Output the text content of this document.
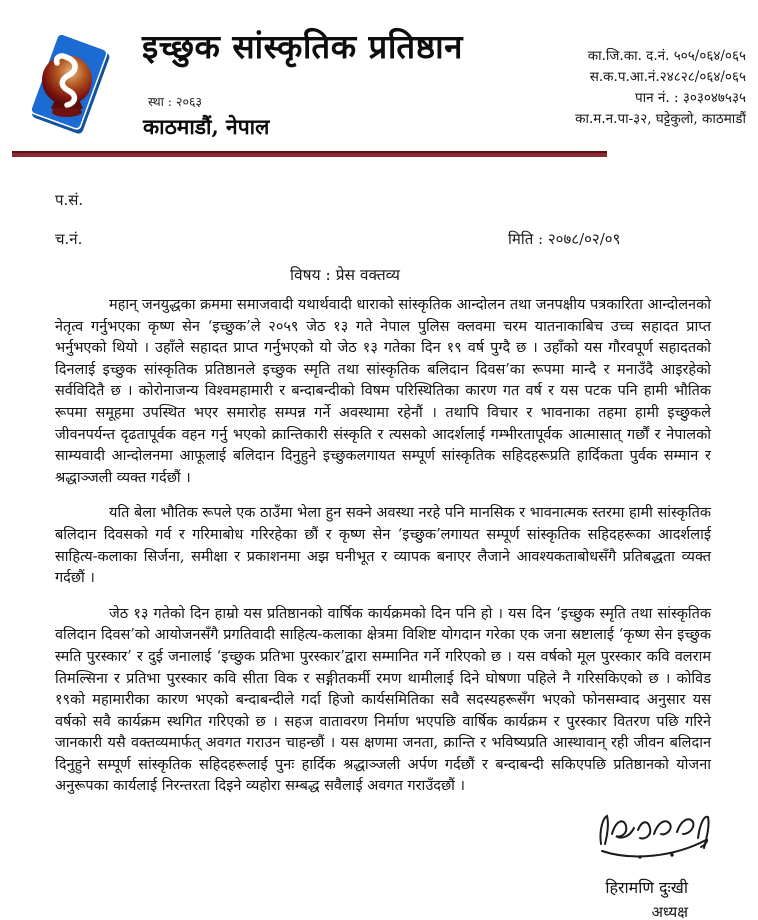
इच्छुक सांस्कृतिक प्रतिष्ठान
स्था : २०६३
काठमाडौं, नेपाल
का.जि.का. द.नं. ५०५/०६४/०६५
स.क.प.आ.नं.२४८२८/०६४/०६५
पान नं. : ३०३०४७५३५
का.म.न.पा-३२, घट्टेकुलो, काठमाडौं
प.सं.
च.नं.	मिति : २०७८/०२/०९
विषय : प्रेस वक्तव्य

महान् जनयुद्धका क्रममा समाजवादी यथार्थवादी धाराको सांस्कृतिक आन्दोलन तथा जनपक्षीय पत्रकारिता आन्दोलनको नेतृत्व गर्नुभएका कृष्ण सेन ‘इच्छुक’ले २०५९ जेठ १३ गते नेपाल पुलिस क्लवमा चरम यातनाकाबिच उच्च सहादत प्राप्त भर्नुभएको थियो । उहाँले सहादत प्राप्त गर्नुभएको यो जेठ १३ गतेका दिन १९ वर्ष पुग्दै छ । उहाँको यस गौरवपूर्ण सहादतको दिनलाई इच्छुक सांस्कृतिक प्रतिष्ठानले इच्छुक स्मृति तथा सांस्कृतिक बलिदान दिवस’का रूपमा मान्दै र मनाउँदै आइरहेको सर्वविदितै छ । कोरोनाजन्य विश्वमहामारी र बन्दाबन्दीको विषम परिस्थितिका कारण गत वर्ष र यस पटक पनि हामी भौतिक रूपमा समूहमा उपस्थित भएर समारोह सम्पन्न गर्ने अवस्थामा रहेनौं । तथापि विचार र भावनाका तहमा हामी इच्छुकले जीवनपर्यन्त दृढतापूर्वक वहन गर्नु भएको क्रान्तिकारी संस्कृति र त्यसको आदर्शलाई गम्भीरतापूर्वक आत्मासात् गर्छौं र नेपालको साम्यवादी आन्दोलनमा आफूलाई बलिदान दिनुहुने इच्छुकलगायत सम्पूर्ण सांस्कृतिक सहिदहरूप्रति हार्दिकता पुर्वक सम्मान र श्रद्धाञ्जली व्यक्त गर्दछौं ।

यति बेला भौतिक रूपले एक ठाउँमा भेला हुन सक्ने अवस्था नरहे पनि मानसिक र भावनात्मक स्तरमा हामी सांस्कृतिक बलिदान दिवसको गर्व र गरिमाबोध गरिरहेका छौं र कृष्ण सेन ‘इच्छुक’लगायत सम्पूर्ण सांस्कृतिक सहिदहरूका आदर्शलाई साहित्य-कलाका सिर्जना, समीक्षा र प्रकाशनमा अझ घनीभूत र व्यापक बनाएर लैजाने आवश्यकताबोधसँगै प्रतिबद्धता व्यक्त गर्दछौं ।

जेठ १३ गतेको दिन हाम्रो यस प्रतिष्ठानको वार्षिक कार्यक्रमको दिन पनि हो । यस दिन ‘इच्छुक स्मृति तथा सांस्कृतिक वलिदान दिवस’को आयोजनसँगै प्रगतिवादी साहित्य-कलाका क्षेत्रमा विशिष्ट योगदान गरेका एक जना स्रष्टालाई ‘कृष्ण सेन इच्छुक स्मति पुरस्कार’ र दुई जनालाई ‘इच्छुक प्रतिभा पुरस्कार’द्वारा सम्मानित गर्ने गरिएको छ । यस वर्षको मूल पुरस्कार कवि वलराम तिमल्सिना र प्रतिभा पुरस्कार कवि सीता विक र सङ्गीतकर्मी रमण थामीलाई दिने घोषणा पहिले नै गरिसकिएको छ । कोविड १९को महामारीका कारण भएको बन्दाबन्दीले गर्दा हिजो कार्यसमितिका सवै सदस्यहरूसँग भएको फोनसम्वाद अनुसार यस वर्षको सवै कार्यक्रम स्थगित गरिएको छ । सहज वातावरण निर्माण भएपछि वार्षिक कार्यक्रम र पुरस्कार वितरण पछि गरिने जानकारी यसै वक्तव्यमार्फत् अवगत गराउन चाहन्छौं । यस क्षणमा जनता, क्रान्ति र भविष्यप्रति आस्थावान् रही जीवन बलिदान दिनुहुने सम्पूर्ण सांस्कृतिक सहिदहरूलाई पुनः हार्दिक श्रद्धाञ्जली अर्पण गर्दछौं र बन्दाबन्दी सकिएपछि प्रतिष्ठानको योजना अनुरूपका कार्यलाई निरन्तरता दिइने व्यहोरा सम्बद्ध सवैलाई अवगत गराउँदछौं ।

हिरामणि दुःखी
अध्यक्ष
